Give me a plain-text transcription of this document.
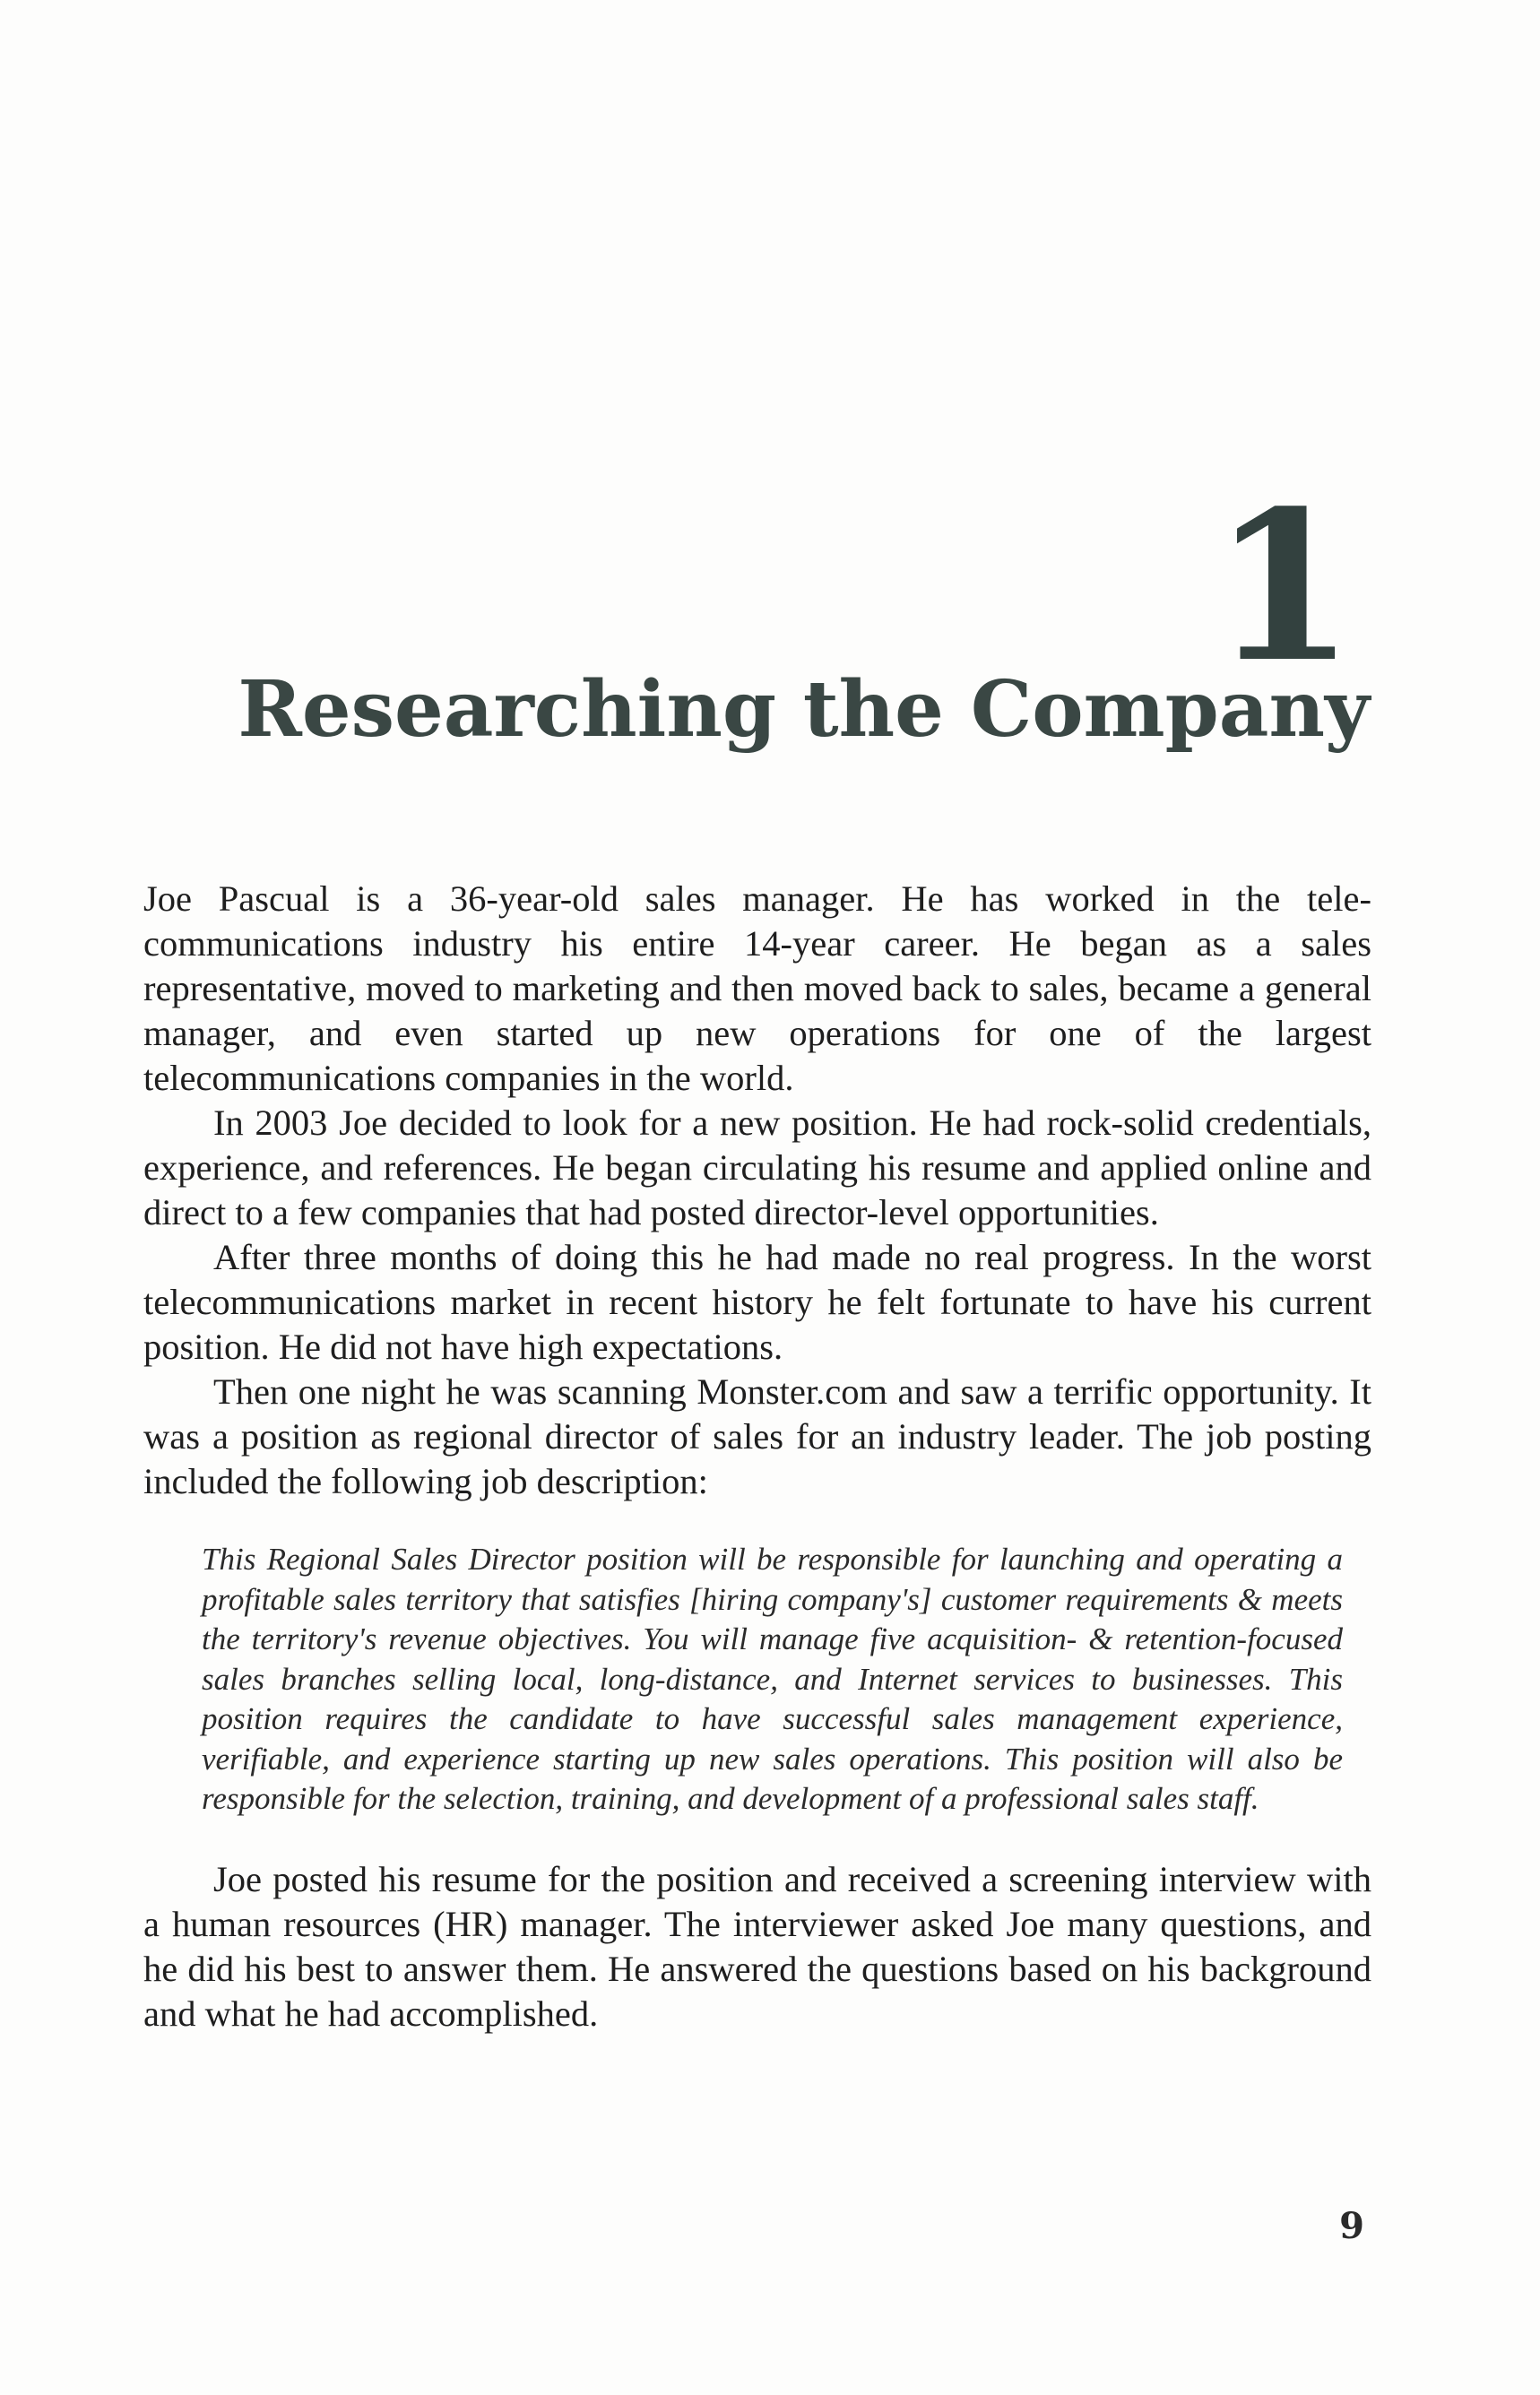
1
Researching the Company

Joe Pascual is a 36-year-old sales manager. He has worked in the telecommunications industry his entire 14-year career. He began as a sales representative, moved to marketing and then moved back to sales, became a general manager, and even started up new operations for one of the largest telecommunications companies in the world.

In 2003 Joe decided to look for a new position. He had rock-solid credentials, experience, and references. He began circulating his resume and applied online and direct to a few companies that had posted director-level opportunities.

After three months of doing this he had made no real progress. In the worst telecommunications market in recent history he felt fortunate to have his current position. He did not have high expectations.

Then one night he was scanning Monster.com and saw a terrific opportunity. It was a position as regional director of sales for an industry leader. The job posting included the following job description:

This Regional Sales Director position will be responsible for launching and operating a profitable sales territory that satisfies [hiring company's] customer requirements & meets the territory's revenue objectives. You will manage five acquisition- & retention-focused sales branches selling local, long-distance, and Internet services to businesses. This position requires the candidate to have successful sales management experience, verifiable, and experience starting up new sales operations. This position will also be responsible for the selection, training, and development of a professional sales staff.

Joe posted his resume for the position and received a screening interview with a human resources (HR) manager. The interviewer asked Joe many questions, and he did his best to answer them. He answered the questions based on his background and what he had accomplished.

9
